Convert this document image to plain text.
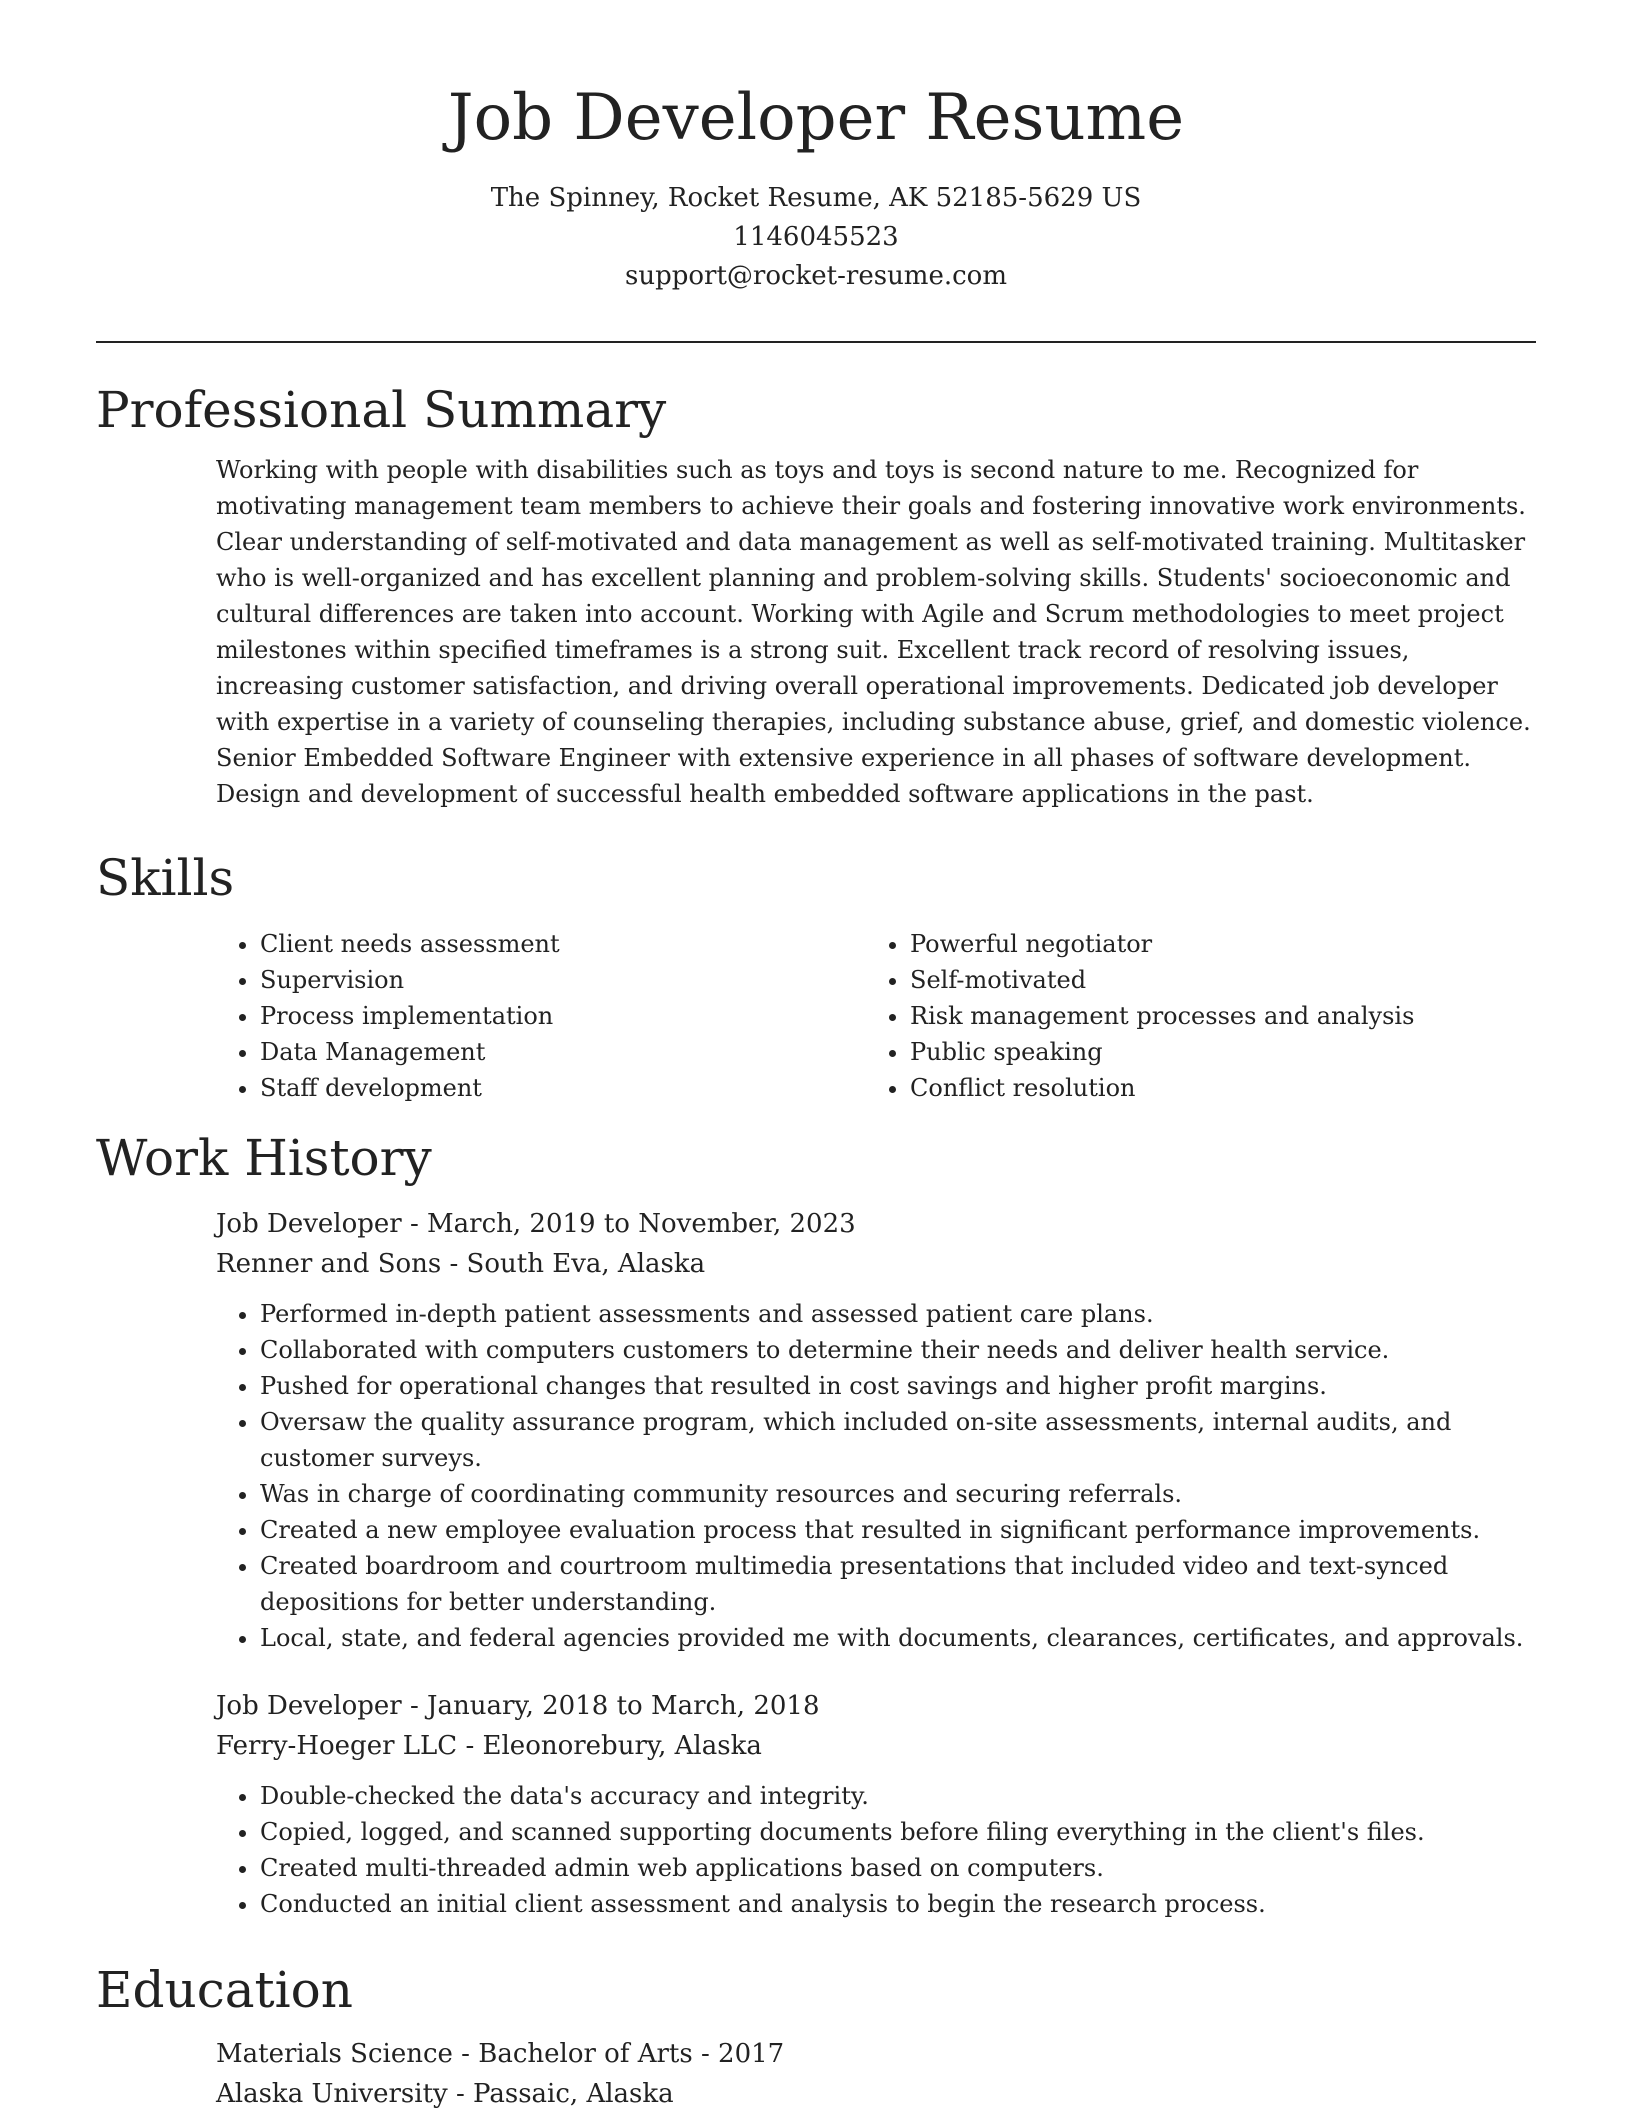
Job Developer Resume
The Spinney, Rocket Resume, AK 52185-5629 US
1146045523
support@rocket-resume.com
Professional Summary

Working with people with disabilities such as toys and toys is second nature to me. Recognized for motivating management team members to achieve their goals and fostering innovative work environments. Clear understanding of self-motivated and data management as well as self-motivated training. Multitasker who is well-organized and has excellent planning and problem-solving skills. Students' socioeconomic and cultural differences are taken into account. Working with Agile and Scrum methodologies to meet project milestones within specified timeframes is a strong suit. Excellent track record of resolving issues, increasing customer satisfaction, and driving overall operational improvements. Dedicated job developer with expertise in a variety of counseling therapies, including substance abuse, grief, and domestic violence. Senior Embedded Software Engineer with extensive experience in all phases of software development. Design and development of successful health embedded software applications in the past.

Skills
• Client needs assessment
• Supervision
• Process implementation
• Data Management
• Staff development
• Powerful negotiator
• Self-motivated
• Risk management processes and analysis
• Public speaking
• Conflict resolution
Work History
Job Developer - March, 2019 to November, 2023
Renner and Sons - South Eva, Alaska
• Performed in-depth patient assessments and assessed patient care plans.
• Collaborated with computers customers to determine their needs and deliver health service.
• Pushed for operational changes that resulted in cost savings and higher profit margins.
• Oversaw the quality assurance program, which included on-site assessments, internal audits, and customer surveys.
• Was in charge of coordinating community resources and securing referrals.
• Created a new employee evaluation process that resulted in significant performance improvements.
• Created boardroom and courtroom multimedia presentations that included video and text-synced depositions for better understanding.
• Local, state, and federal agencies provided me with documents, clearances, certificates, and approvals.
Job Developer - January, 2018 to March, 2018
Ferry-Hoeger LLC - Eleonorebury, Alaska
• Double-checked the data's accuracy and integrity.
• Copied, logged, and scanned supporting documents before filing everything in the client's files.
• Created multi-threaded admin web applications based on computers.
• Conducted an initial client assessment and analysis to begin the research process.
Education
Materials Science - Bachelor of Arts - 2017
Alaska University - Passaic, Alaska
